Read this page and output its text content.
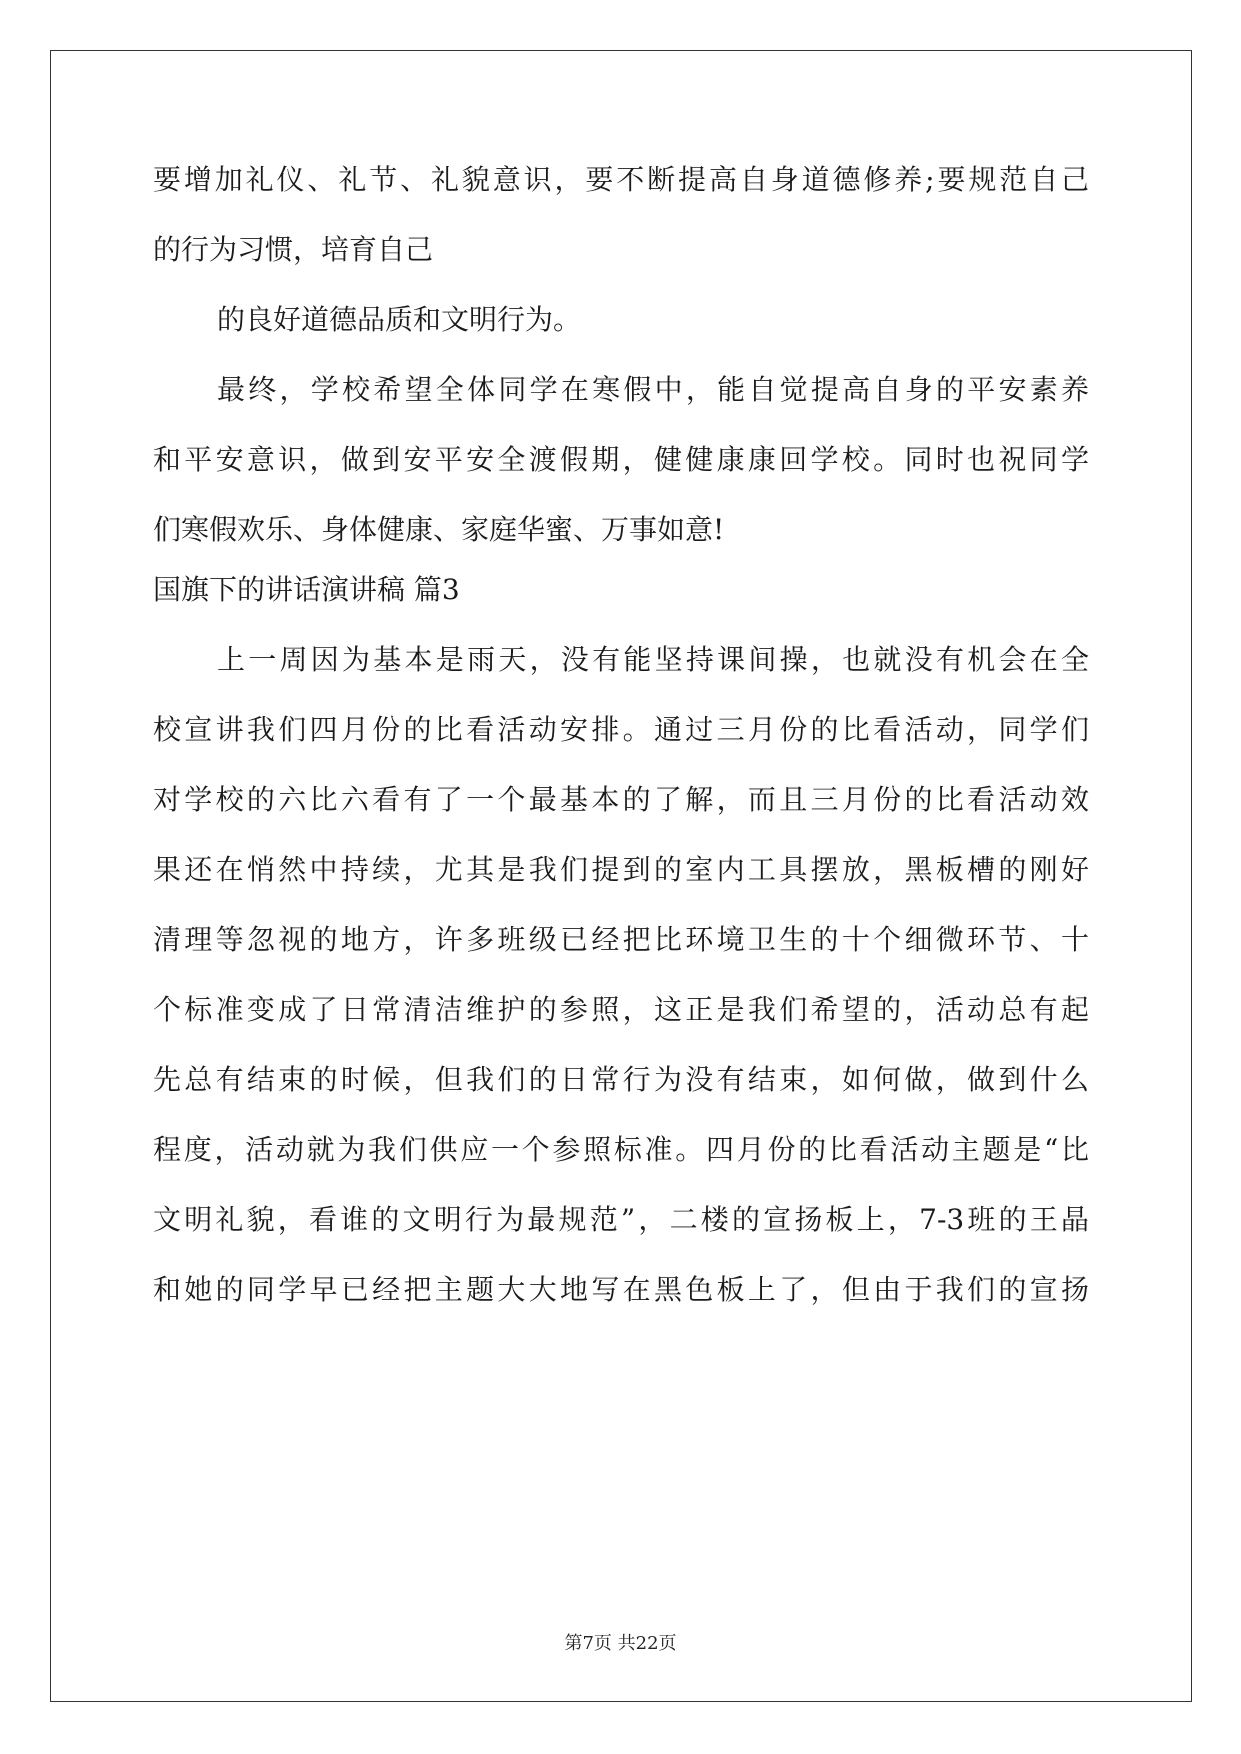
要增加礼仪、礼节、礼貌意识，要不断提高自身道德修养;要规范自己
的行为习惯，培育自己
的良好道德品质和文明行为。
最终，学校希望全体同学在寒假中，能自觉提高自身的平安素养
和平安意识，做到安平安全渡假期，健健康康回学校。同时也祝同学
们寒假欢乐、身体健康、家庭华蜜、万事如意!
国旗下的讲话演讲稿 篇3
上一周因为基本是雨天，没有能坚持课间操，也就没有机会在全
校宣讲我们四月份的比看活动安排。通过三月份的比看活动，同学们
对学校的六比六看有了一个最基本的了解，而且三月份的比看活动效
果还在悄然中持续，尤其是我们提到的室内工具摆放，黑板槽的刚好
清理等忽视的地方，许多班级已经把比环境卫生的十个细微环节、十
个标准变成了日常清洁维护的参照，这正是我们希望的，活动总有起
先总有结束的时候，但我们的日常行为没有结束，如何做，做到什么
程度，活动就为我们供应一个参照标准。四月份的比看活动主题是“比
文明礼貌，看谁的文明行为最规范”，二楼的宣扬板上，7-3班的王晶
和她的同学早已经把主题大大地写在黑色板上了，但由于我们的宣扬
第7页 共22页
